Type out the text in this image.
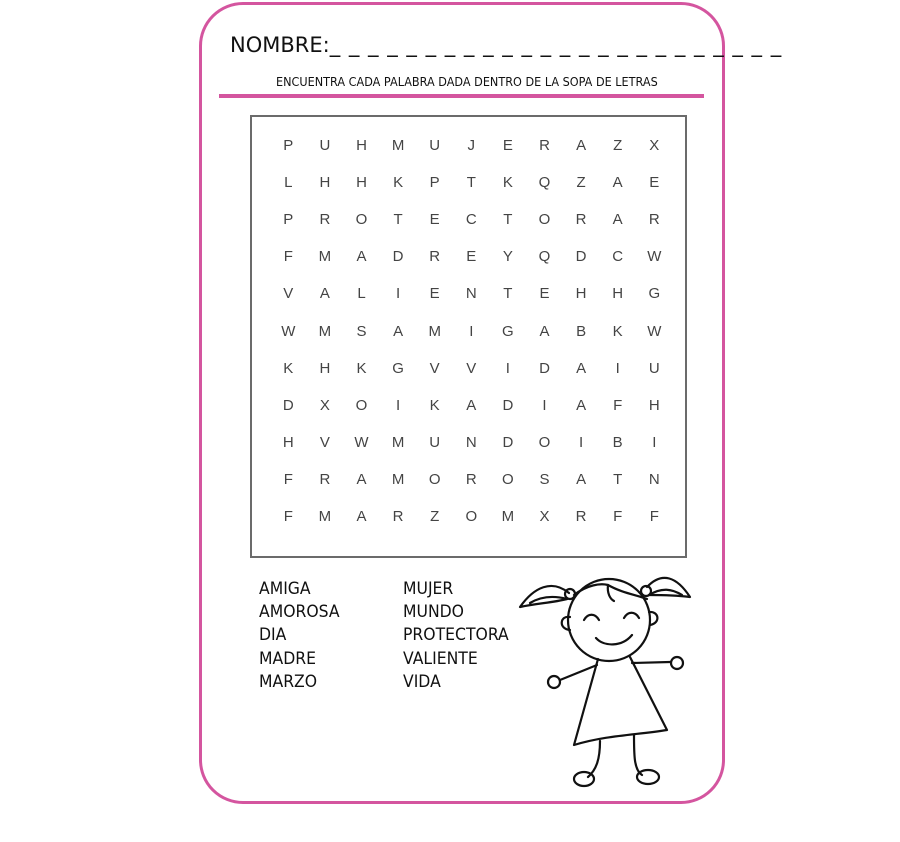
NOMBRE:_ _ _ _ _ _ _ _ _ _ _ _ _ _ _ _ _ _ _ _ _ _ _ _
ENCUENTRA CADA PALABRA DADA DENTRO DE LA SOPA DE LETRAS
P	U	H	M	U	J	E	R	A	Z	X
L	H	H	K	P	T	K	Q	Z	A	E
P	R	O	T	E	C	T	O	R	A	R
F	M	A	D	R	E	Y	Q	D	C	W
V	A	L	I	E	N	T	E	H	H	G
W	M	S	A	M	I	G	A	B	K	W
K	H	K	G	V	V	I	D	A	I	U
D	X	O	I	K	A	D	I	A	F	H
H	V	W	M	U	N	D	O	I	B	I
F	R	A	M	O	R	O	S	A	T	N
F	M	A	R	Z	O	M	X	R	F	F
AMIGA
AMOROSA
DIA
MADRE
MARZO
MUJER
MUNDO
PROTECTORA
VALIENTE
VIDA
